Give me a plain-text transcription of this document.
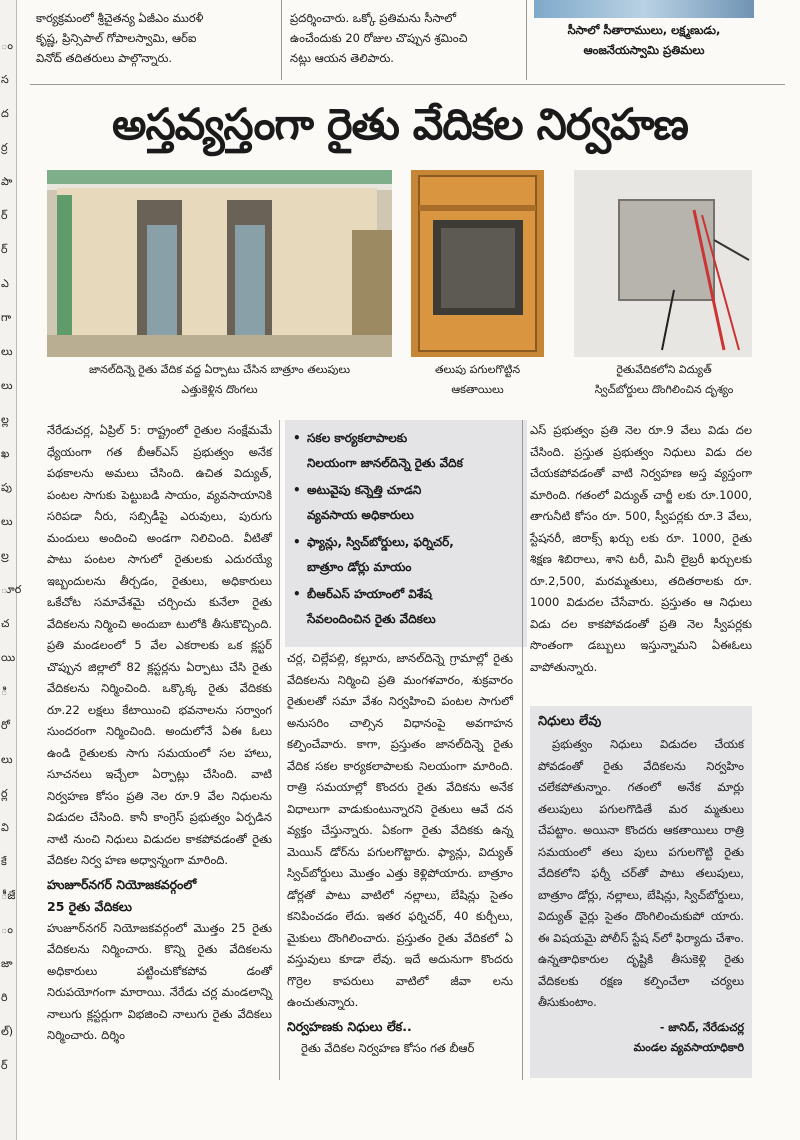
ం
స
ద
ర్ర
పా
ర్
ర్
ఎ
గా
లు
లు
ల్ల
ఖ
పు
లు
ల్ర
ూర
చ
యి
ి
రో
లు
ర్ల
వి
కే
ీజే
ం
జా
రి
ల్)
ర్
కార్యక్రమంలో శ్రీచైతన్య ఏజీఎం మురళీ
కృష్ణ, ప్రిన్సిపాల్ గోపాలస్వామి, ఆర్ఐ
వినోద్ తదితరులు పాల్గొన్నారు.
ప్రదర్శించారు. ఒక్కో ప్రతిమను సీసాలో
ఉంచేందుకు 20 రోజుల చొప్పున శ్రమించి
నట్లు ఆయన తెలిపారు.
సీసాలో సీతారాములు, లక్ష్మణుడు,
ఆంజనేయస్వామి ప్రతిమలు
అస్తవ్యస్తంగా రైతు వేదికల నిర్వహణ
జానల్‌దిన్నె రైతు వేదిక వద్ద ఏర్పాటు చేసిన బాత్రూం తలుపులు
ఎత్తుకెళ్లిన దొంగలు
తలుపు పగులగొట్టిన
ఆకతాయిలు
రైతువేదికలోని విద్యుత్
స్విచ్‌బోర్డులు దొంగిలించిన దృశ్యం

నేరేడుచర్ల, ఏప్రిల్ 5: రాష్ట్రంలో రైతుల సంక్షేమమే ధ్యేయంగా గత బీఆర్ఎస్ ప్రభుత్వం అనేక పథకాలను అమలు చేసింది. ఉచిత విద్యుత్, పంటల సాగుకు పెట్టుబడి సాయం, వ్యవసాయానికి సరిపడా నీరు, సబ్సిడీపై ఎరువులు, పురుగు మందులు అందించి అండగా నిలిచింది. వీటితో పాటు పంటల సాగులో రైతులకు ఎదురయ్యే ఇబ్బందులను తీర్చడం, రైతులు, అధికారులు ఒకేచోట సమావేశమై చర్చించు కునేలా రైతు వేదికలను నిర్మించి అందుబా టులోకి తీసుకొచ్చింది. ప్రతి మండలంలో 5 వేల ఎకరాలకు ఒక క్లస్టర్ చొప్పున జిల్లాలో 82 క్లస్టర్లను ఏర్పాటు చేసి రైతు వేదికలను నిర్మించింది. ఒక్కొక్క రైతు వేదికకు రూ.22 లక్షలు కేటాయించి భవనాలను సర్వాంగ సుందరంగా నిర్మించింది. అందులోనే ఏఈ ఓలు ఉండి రైతులకు సాగు సమయంలో సల హాలు, సూచనలు ఇచ్చేలా ఏర్పాట్లు చేసింది. వాటి నిర్వహణ కోసం ప్రతి నెల రూ.9 వేల నిధులను విడుదల చేసింది. కానీ కాంగ్రెస్ ప్రభుత్వం ఏర్పడిన నాటి నుంచి నిధులు విడుదల కాకపోవడంతో రైతు వేదికల నిర్వ హణ అధ్వాన్నంగా మారింది.

హుజూర్‌నగర్ నియోజకవర్గంలో
25 రైతు వేదికలు

హుజూర్‌నగర్ నియోజకవర్గంలో మొత్తం 25 రైతు వేదికలను నిర్మించారు. కొన్ని రైతు వేదికలను అధికారులు పట్టించుకోకపోవ డంతో నిరుపయోగంగా మారాయి. నేరేడు చర్ల మండలాన్ని నాలుగు క్లస్టర్లుగా విభజించి నాలుగు రైతు వేదికలు నిర్మించారు. దిర్శిం

• సకల కార్యకలాపాలకు
నిలయంగా జానల్‌దిన్నె రైతు వేదిక
• అటువైపు కన్నెత్తి చూడని
వ్యవసాయ అధికారులు
• ఫ్యాన్లు, స్విచ్‌బోర్డులు, ఫర్నిచర్,
బాత్రూం డోర్లు మాయం
• బీఆర్ఎస్ హయాంలో విశేష
సేవలందించిన రైతు వేదికలు

చర్ల, చిల్లేపల్లి, కల్లూరు, జానల్‌దిన్నె గ్రామాల్లో రైతు వేదికలను నిర్మించి ప్రతి మంగళవారం, శుక్రవారం రైతులతో సమా వేశం నిర్వహించి పంటల సాగులో అనుసరిం చాల్సిన విధానంపై అవగాహన కల్పించేవారు. కాగా, ప్రస్తుతం జానల్‌దిన్నె రైతు వేదిక సకల కార్యకలాపాలకు నిలయంగా మారింది. రాత్రి సమయాల్లో కొందరు రైతు వేదికను అనేక విధాలుగా వాడుకుంటున్నారని రైతులు ఆవే దన వ్యక్తం చేస్తున్నారు. ఏకంగా రైతు వేదికకు ఉన్న మెయిన్ డోర్‌ను పగులగొట్టారు. ఫ్యాన్లు, విద్యుత్ స్విచ్‌బోర్డులు మొత్తం ఎత్తు కెళ్లిపోయారు. బాత్రూం డోర్లతో పాటు వాటిలో నల్లాలు, బేషిన్లు సైతం కనిపించడం లేదు. ఇతర ఫర్నిచర్, 40 కుర్చీలు, మైకులు దొంగిలించారు. ప్రస్తుతం రైతు వేదికలో ఏ వస్తువులు కూడా లేవు. ఇదే అదునుగా కొందరు గొర్రెల కాపరులు వాటిలో జీవా లను ఉంచుతున్నారు.

నిర్వహణకు నిధులు లేక..

రైతు వేదికల నిర్వహణ కోసం గత బీఆర్

ఎస్ ప్రభుత్వం ప్రతి నెల రూ.9 వేలు విడు దల చేసింది. ప్రస్తుత ప్రభుత్వం నిధులు విడు దల చేయకపోవడంతో వాటి నిర్వహణ అస్త వ్యస్తంగా మారింది. గతంలో విద్యుత్ చార్జీ లకు రూ.1000, తాగునీటి కోసం రూ. 500, స్వీపర్లకు రూ.3 వేలు, స్టేషనరీ, జిరాక్స్ ఖర్చు లకు రూ. 1000, రైతు శిక్షణ శిబిరాలు, శాని టరీ, మినీ లైబ్రరీ ఖర్చులకు రూ.2,500, మరమ్మతులు, తదితరాలకు రూ. 1000 విడుదల చేసేవారు. ప్రస్తుతం ఆ నిధులు విడు దల కాకపోవడంతో ప్రతి నెల స్వీపర్లకు సొంతంగా డబ్బులు ఇస్తున్నామని ఏఈఓలు వాపోతున్నారు.

నిధులు లేవు
ప్రభుత్వం నిధులు విడుదల చేయక పోవడంతో రైతు వేదికలను నిర్వహిం చలేకపోతున్నాం. గతంలో అనేక మార్లు తలుపులు పగులగొడితే మర మ్మతులు చేపట్టాం. అయినా కొందరు ఆకతాయిలు రాత్రి సమయంలో తలు పులు పగులగొట్టి రైతు వేదికలోని ఫర్నీ చర్‌తో పాటు తలుపులు, బాత్రూం డోర్లు, నల్లాలు, బేషిన్లు, స్విచ్‌బోర్డులు, విద్యుత్ వైర్లు సైతం దొంగిలించుకుపో యారు. ఈ విషయమై పోలీస్ స్టేష న్‌లో ఫిర్యాదు చేశాం. ఉన్నతాధికారుల దృష్టికి తీసుకెళ్లి రైతు వేదికలకు రక్షణ కల్పించేలా చర్యలు తీసుకుంటాం.
- జానిద్, నేరేడుచర్ల
మండల వ్యవసాయాధికారి
